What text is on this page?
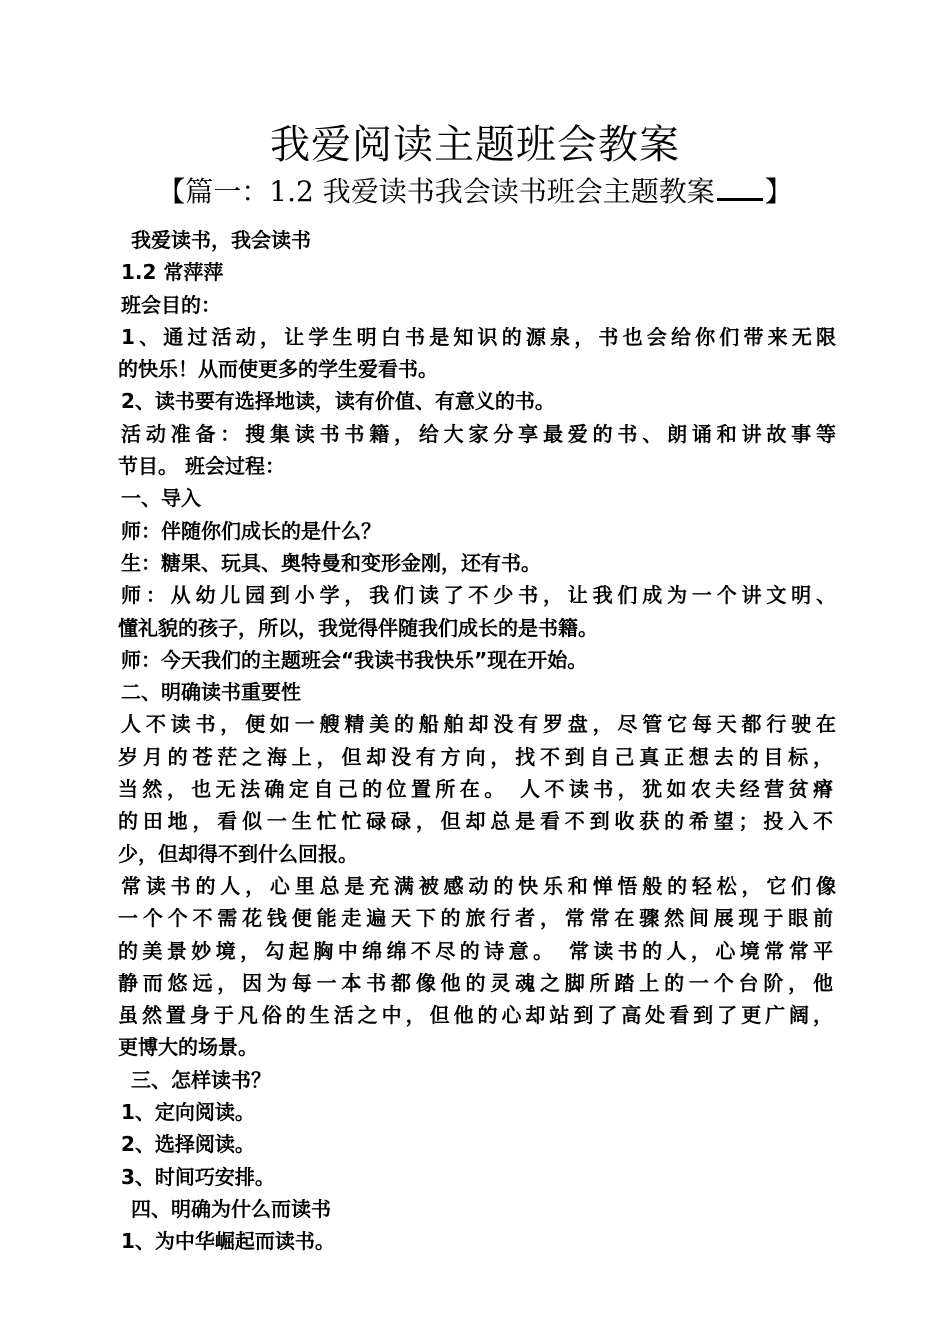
我爱阅读主题班会教案
【篇一：1.2 我爱读书我会读书班会主题教案 】
我爱读书，我会读书
1.2 常萍萍
班会目的：
1、通过活动，让学生明白书是知识的源泉，书也会给你们带来无限
的快乐！从而使更多的学生爱看书。
2、读书要有选择地读，读有价值、有意义的书。
活动准备：搜集读书书籍，给大家分享最爱的书、朗诵和讲故事等
节目。 班会过程：
一、导入
师：伴随你们成长的是什么？
生：糖果、玩具、奥特曼和变形金刚，还有书。
师：从幼儿园到小学，我们读了不少书，让我们成为一个讲文明、
懂礼貌的孩子，所以，我觉得伴随我们成长的是书籍。
师：今天我们的主题班会“我读书我快乐”现在开始。
二、明确读书重要性
人不读书，便如一艘精美的船舶却没有罗盘，尽管它每天都行驶在
岁月的苍茫之海上，但却没有方向，找不到自己真正想去的目标，
当然，也无法确定自己的位置所在。 人不读书，犹如农夫经营贫瘠
的田地，看似一生忙忙碌碌，但却总是看不到收获的希望；投入不
少，但却得不到什么回报。
常读书的人，心里总是充满被感动的快乐和惮悟般的轻松，它们像
一个个不需花钱便能走遍天下的旅行者，常常在骤然间展现于眼前
的美景妙境，勾起胸中绵绵不尽的诗意。 常读书的人，心境常常平
静而悠远，因为每一本书都像他的灵魂之脚所踏上的一个台阶，他
虽然置身于凡俗的生活之中，但他的心却站到了高处看到了更广阔，
更博大的场景。
三、怎样读书？
1、定向阅读。
2、选择阅读。
3、时间巧安排。
四、明确为什么而读书
1、为中华崛起而读书。
